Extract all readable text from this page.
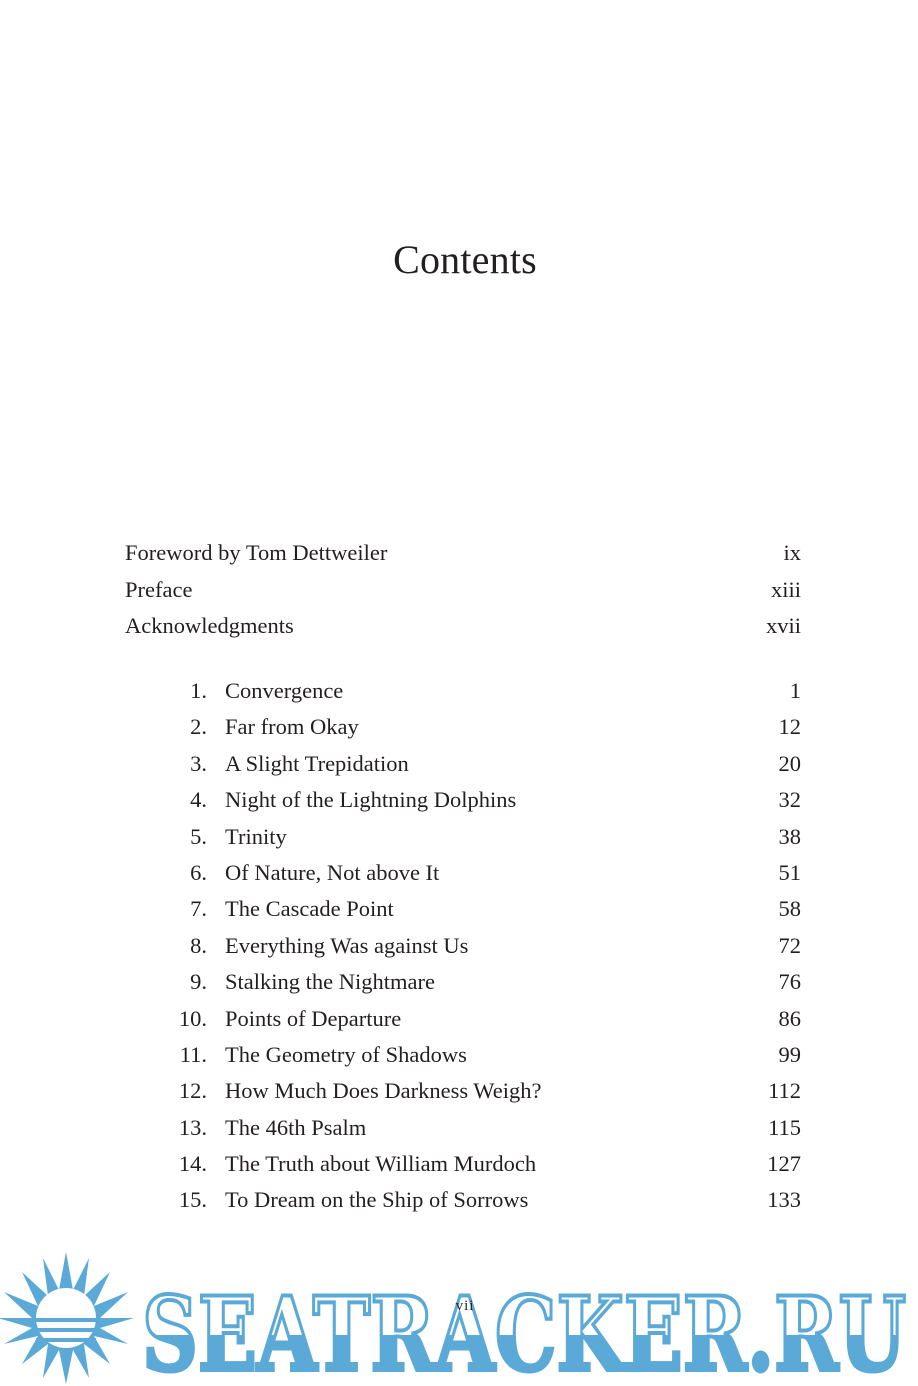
Contents
Foreword by Tom Dettweiler	ix
Preface	xiii
Acknowledgments	xvii
1. Convergence	1
2. Far from Okay	12
3. A Slight Trepidation	20
4. Night of the Lightning Dolphins	32
5. Trinity	38
6. Of Nature, Not above It	51
7. The Cascade Point	58
8. Everything Was against Us	72
9. Stalking the Nightmare	76
10. Points of Departure	86
11. The Geometry of Shadows	99
12. How Much Does Darkness Weigh?	112
13. The 46th Psalm	115
14. The Truth about William Murdoch	127
15. To Dream on the Ship of Sorrows	133
SEATRACKER.RU
vii
